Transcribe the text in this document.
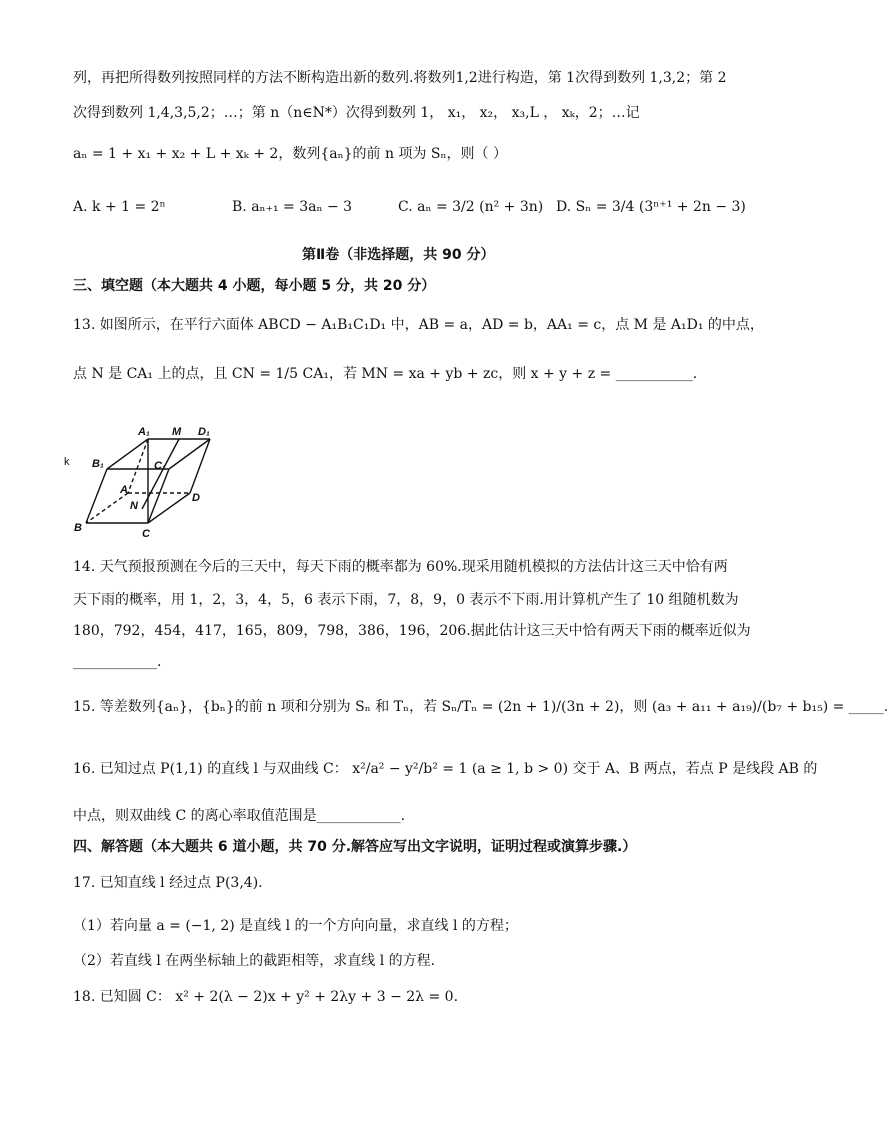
列，再把所得数列按照同样的方法不断构造出新的数列.将数列1,2进行构造，第 1次得到数列 1,3,2；第 2
次得到数列 1,4,3,5,2；…；第 n（n∈N*）次得到数列 1， x₁， x₂， x₃,L ， xₖ，2；…记
aₙ = 1 + x₁ + x₂ + L + xₖ + 2，数列{aₙ}的前 n 项为 Sₙ，则（ ）
A. k + 1 = 2ⁿ	B. aₙ₊₁ = 3aₙ − 3	C. aₙ = 3/2 (n² + 3n) D. Sₙ = 3/4 (3ⁿ⁺¹ + 2n − 3)
第Ⅱ卷（非选择题，共 90 分）
三、填空题（本大题共 4 小题，每小题 5 分，共 20 分）
13. 如图所示，在平行六面体 ABCD − A₁B₁C₁D₁ 中，AB = a，AD = b，AA₁ = c，点 M 是 A₁D₁ 的中点，
点 N 是 CA₁ 上的点，且 CN = 1/5 CA₁，若 MN = xa + yb + zc，则 x + y + z = ___________.
A₁ M D₁
B₁	C₁
A
N
D
B	C
k
14. 天气预报预测在今后的三天中，每天下雨的概率都为 60%.现采用随机模拟的方法估计这三天中恰有两
天下雨的概率，用 1，2，3，4，5，6 表示下雨，7，8，9，0 表示不下雨.用计算机产生了 10 组随机数为
180，792，454，417，165，809，798，386，196，206.据此估计这三天中恰有两天下雨的概率近似为
____________.
15. 等差数列{aₙ}，{bₙ}的前 n 项和分别为 Sₙ 和 Tₙ，若 Sₙ/Tₙ = (2n + 1)/(3n + 2)，则 (a₃ + a₁₁ + a₁₉)/(b₇ + b₁₅) = _____.
16. 已知过点 P(1,1) 的直线 l 与双曲线 C： x²/a² − y²/b² = 1 (a ≥ 1, b > 0) 交于 A、B 两点，若点 P 是线段 AB 的
中点，则双曲线 C 的离心率取值范围是____________.
四、解答题（本大题共 6 道小题，共 70 分.解答应写出文字说明，证明过程或演算步骤.）
17. 已知直线 l 经过点 P(3,4).
（1）若向量 a = (−1, 2) 是直线 l 的一个方向向量，求直线 l 的方程；
（2）若直线 l 在两坐标轴上的截距相等，求直线 l 的方程.
18. 已知圆 C： x² + 2(λ − 2)x + y² + 2λy + 3 − 2λ = 0.
